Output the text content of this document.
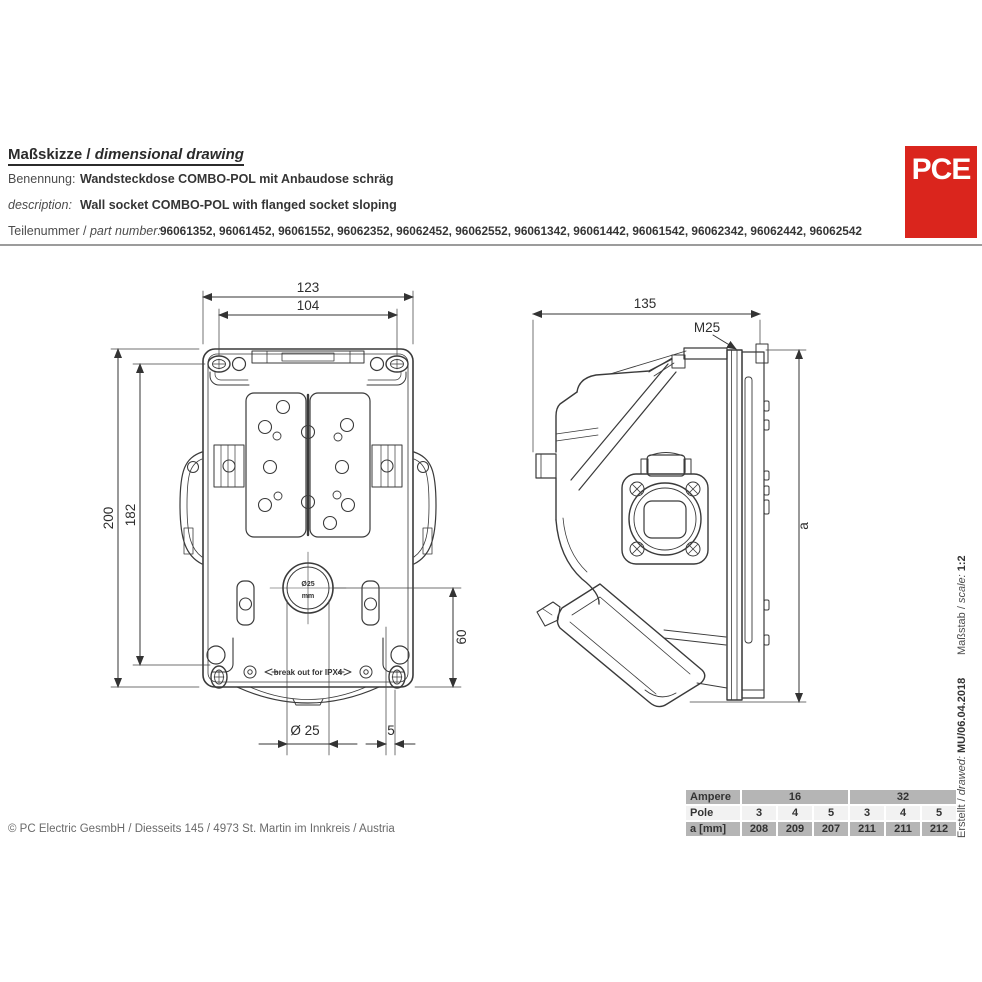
Maßskizze / dimensional drawing
Benennung: Wandsteckdose COMBO-POL mit Anbaudose schräg
description: Wall socket COMBO-POL with flanged socket sloping
Teilenummer / part number: 96061352, 96061452, 96061552, 96062352, 96062452, 96062552, 96061342, 96061442, 96061542, 96062342, 96062442, 96062542
PCE
Ø25
mm
break out for IPX4
123
104
200 182
60
Ø 25	5
135
M25
a
Ampere	16			32		
Pole	3	4	5	3	4	5
a [mm]	208	209	207	211	211	212
Maßstab / scale: 1:2
Erstellt / drawed: MU/06.04.2018
© PC Electric GesmbH / Diesseits 145 / 4973 St. Martin im Innkreis / Austria
